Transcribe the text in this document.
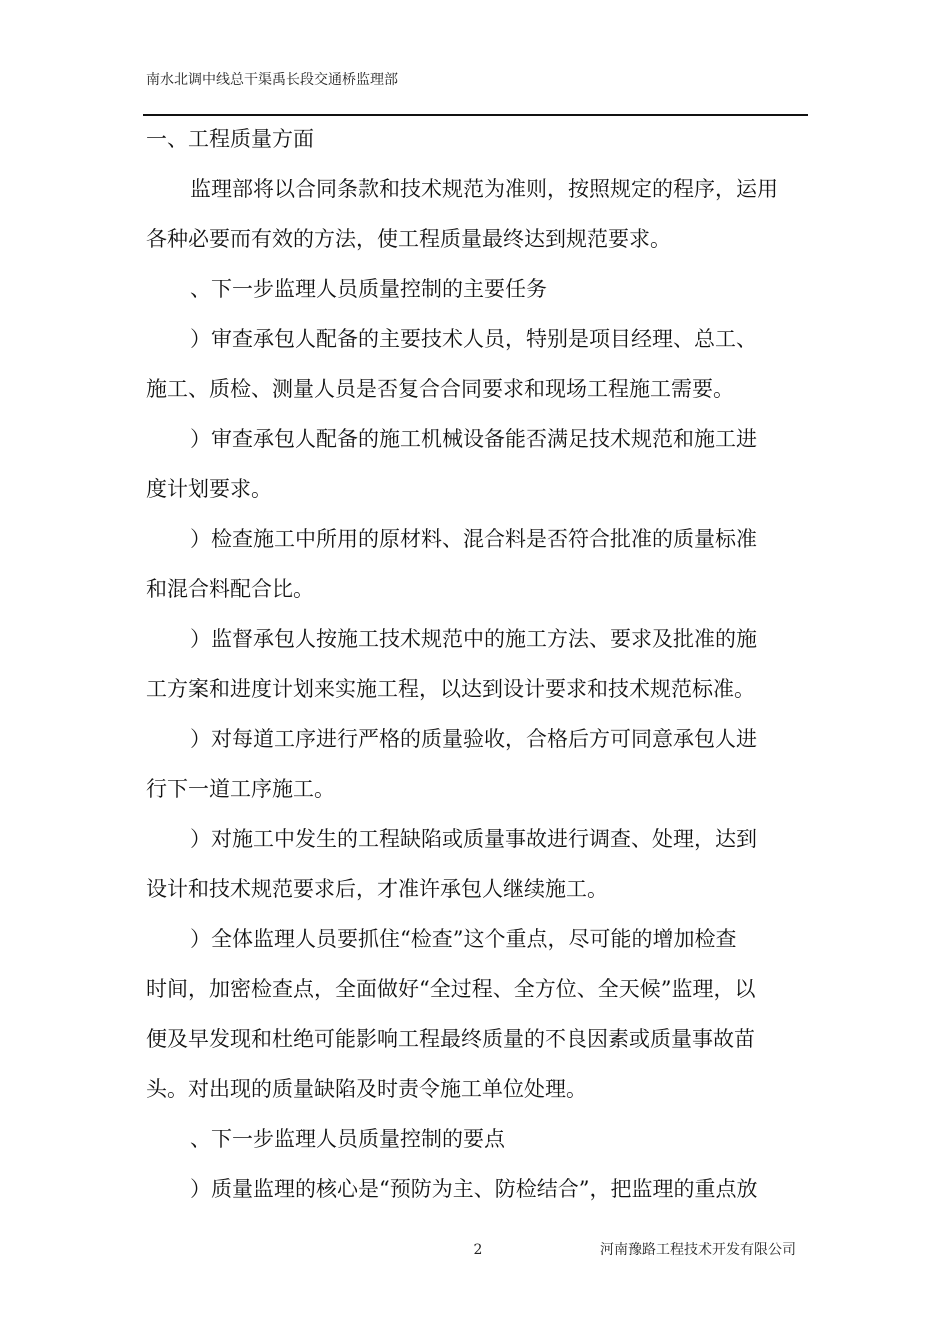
南水北调中线总干渠禹长段交通桥监理部
一、工程质量方面
监理部将以合同条款和技术规范为准则，按照规定的程序，运用
各种必要而有效的方法，使工程质量最终达到规范要求。
、下一步监理人员质量控制的主要任务
）审查承包人配备的主要技术人员，特别是项目经理、总工、
施工、质检、测量人员是否复合合同要求和现场工程施工需要。
）审查承包人配备的施工机械设备能否满足技术规范和施工进
度计划要求。
）检查施工中所用的原材料、混合料是否符合批准的质量标准
和混合料配合比。
）监督承包人按施工技术规范中的施工方法、要求及批准的施
工方案和进度计划来实施工程，以达到设计要求和技术规范标准。
）对每道工序进行严格的质量验收，合格后方可同意承包人进
行下一道工序施工。
）对施工中发生的工程缺陷或质量事故进行调查、处理，达到
设计和技术规范要求后，才准许承包人继续施工。
）全体监理人员要抓住“检查”这个重点，尽可能的增加检查
时间，加密检查点，全面做好“全过程、全方位、全天候”监理，以
便及早发现和杜绝可能影响工程最终质量的不良因素或质量事故苗
头。对出现的质量缺陷及时责令施工单位处理。
、下一步监理人员质量控制的要点
）质量监理的核心是“预防为主、防检结合”，把监理的重点放
2	河南豫路工程技术开发有限公司
